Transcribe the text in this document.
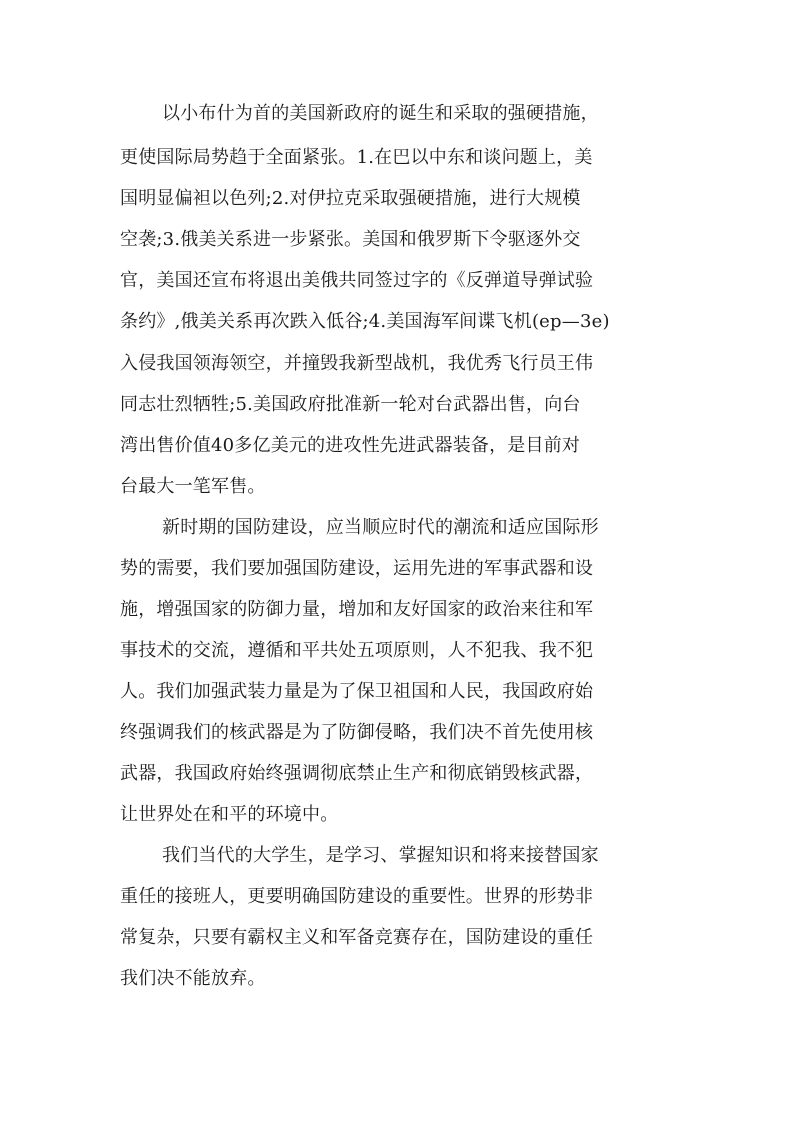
以小布什为首的美国新政府的诞生和采取的强硬措施，

更使国际局势趋于全面紧张。1.在巴以中东和谈问题上，美

国明显偏袒以色列;2.对伊拉克采取强硬措施，进行大规模

空袭;3.俄美关系进一步紧张。美国和俄罗斯下令驱逐外交

官，美国还宣布将退出美俄共同签过字的《反弹道导弹试验

条约》,俄美关系再次跌入低谷;4.美国海军间谍飞机(ep—3e)

入侵我国领海领空，并撞毁我新型战机，我优秀飞行员王伟

同志壮烈牺牲;5.美国政府批准新一轮对台武器出售，向台

湾出售价值40多亿美元的进攻性先进武器装备，是目前对

台最大一笔军售。

新时期的国防建设，应当顺应时代的潮流和适应国际形

势的需要，我们要加强国防建设，运用先进的军事武器和设

施，增强国家的防御力量，增加和友好国家的政治来往和军

事技术的交流，遵循和平共处五项原则，人不犯我、我不犯

人。我们加强武装力量是为了保卫祖国和人民，我国政府始

终强调我们的核武器是为了防御侵略，我们决不首先使用核

武器，我国政府始终强调彻底禁止生产和彻底销毁核武器，

让世界处在和平的环境中。

我们当代的大学生，是学习、掌握知识和将来接替国家

重任的接班人，更要明确国防建设的重要性。世界的形势非

常复杂，只要有霸权主义和军备竞赛存在，国防建设的重任

我们决不能放弃。
